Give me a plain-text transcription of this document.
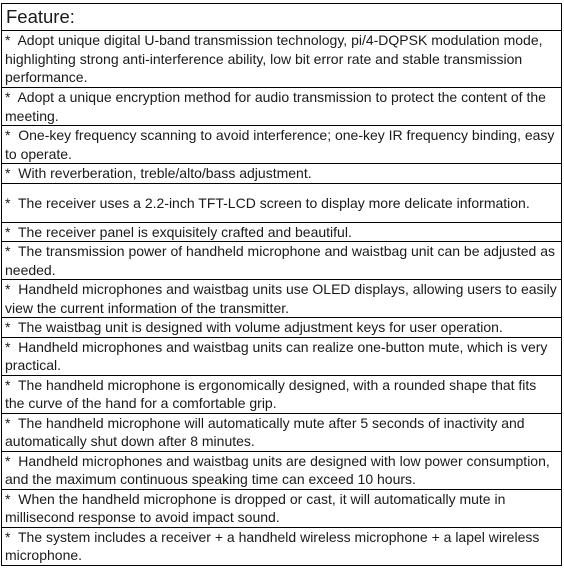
Feature:
* Adopt unique digital U-band transmission technology, pi/4-DQPSK modulation mode, highlighting strong anti-interference ability, low bit error rate and stable transmission performance.
* Adopt a unique encryption method for audio transmission to protect the content of the meeting.
* One-key frequency scanning to avoid interference; one-key IR frequency binding, easy to operate.
* With reverberation, treble/alto/bass adjustment.
* The receiver uses a 2.2-inch TFT-LCD screen to display more delicate information.
* The receiver panel is exquisitely crafted and beautiful.
* The transmission power of handheld microphone and waistbag unit can be adjusted as needed.
* Handheld microphones and waistbag units use OLED displays, allowing users to easily view the current information of the transmitter.
* The waistbag unit is designed with volume adjustment keys for user operation.
* Handheld microphones and waistbag units can realize one-button mute, which is very practical.
* The handheld microphone is ergonomically designed, with a rounded shape that fits the curve of the hand for a comfortable grip.
* The handheld microphone will automatically mute after 5 seconds of inactivity and automatically shut down after 8 minutes.
* Handheld microphones and waistbag units are designed with low power consumption, and the maximum continuous speaking time can exceed 10 hours.
* When the handheld microphone is dropped or cast, it will automatically mute in millisecond response to avoid impact sound.
* The system includes a receiver + a handheld wireless microphone + a lapel wireless microphone.
